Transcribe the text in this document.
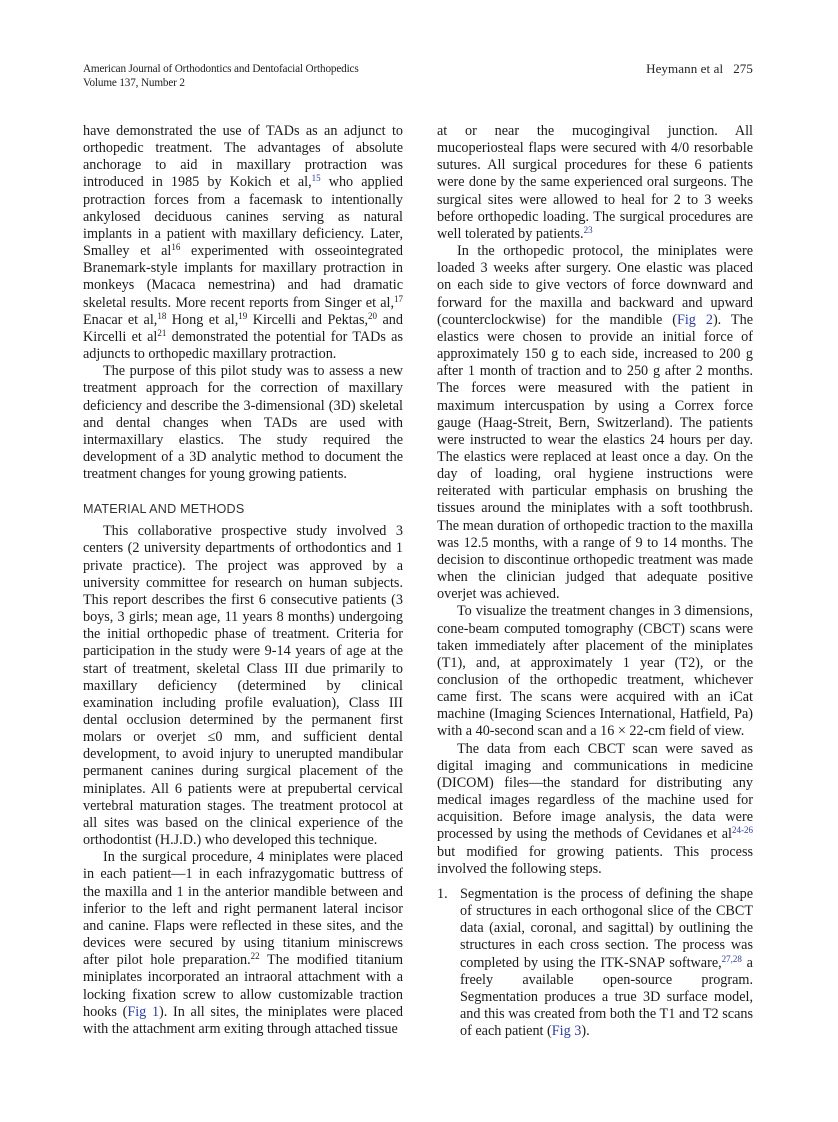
American Journal of Orthodontics and Dentofacial Orthopedics
Volume 137, Number 2
Heymann et al 275

have demonstrated the use of TADs as an adjunct to orthopedic treatment. The advantages of absolute anchorage to aid in maxillary protraction was introduced in 1985 by Kokich et al,$^{15}$ who applied protraction forces from a facemask to intentionally ankylosed deciduous canines serving as natural implants in a patient with maxillary deficiency. Later, Smalley et $al^{16}$ experimented with osseointegrated Branemark-style implants for maxillary protraction in monkeys (Macaca nemestrina) and had dramatic skeletal results. More recent reports from Singer et al,$^{17}$ Enacar et al,$^{18}$ Hong et al,$^{19}$ Kircelli and Pektas,$^{20}$ and Kircelli et $al^{21}$ demonstrated the potential for TADs as adjuncts to orthopedic maxillary protraction.

The purpose of this pilot study was to assess a new treatment approach for the correction of maxillary deficiency and describe the 3-dimensional (3D) skeletal and dental changes when TADs are used with intermaxillary elastics. The study required the development of a 3D analytic method to document the treatment changes for young growing patients.

MATERIAL AND METHODS

This collaborative prospective study involved 3 centers (2 university departments of orthodontics and 1 private practice). The project was approved by a university committee for research on human subjects. This report describes the first 6 consecutive patients (3 boys, 3 girls; mean age, 11 years 8 months) undergoing the initial orthopedic phase of treatment. Criteria for participation in the study were 9-14 years of age at the start of treatment, skeletal Class III due primarily to maxillary deficiency (determined by clinical examination including profile evaluation), Class III dental occlusion determined by the permanent first molars or overjet ≤0 mm, and sufficient dental development, to avoid injury to unerupted mandibular permanent canines during surgical placement of the miniplates. All 6 patients were at prepubertal cervical vertebral maturation stages. The treatment protocol at all sites was based on the clinical experience of the orthodontist (H.J.D.) who developed this technique.

In the surgical procedure, 4 miniplates were placed in each patient—1 in each infrazygomatic buttress of the maxilla and 1 in the anterior mandible between and inferior to the left and right permanent lateral incisor and canine. Flaps were reflected in these sites, and the devices were secured by using titanium miniscrews after pilot hole preparation.$^{22}$ The modified titanium miniplates incorporated an intraoral attachment with a locking fixation screw to allow customizable traction hooks (Fig 1). In all sites, the miniplates were placed with the attachment arm exiting through attached tissue

at or near the mucogingival junction. All mucoperiosteal flaps were secured with 4/0 resorbable sutures. All surgical procedures for these 6 patients were done by the same experienced oral surgeons. The surgical sites were allowed to heal for 2 to 3 weeks before orthopedic loading. The surgical procedures are well tolerated by patients.$^{23}$

In the orthopedic protocol, the miniplates were loaded 3 weeks after surgery. One elastic was placed on each side to give vectors of force downward and forward for the maxilla and backward and upward (counterclockwise) for the mandible (Fig 2). The elastics were chosen to provide an initial force of approximately 150 g to each side, increased to 200 g after 1 month of traction and to 250 g after 2 months. The forces were measured with the patient in maximum intercuspation by using a Correx force gauge (Haag-Streit, Bern, Switzerland). The patients were instructed to wear the elastics 24 hours per day. The elastics were replaced at least once a day. On the day of loading, oral hygiene instructions were reiterated with particular emphasis on brushing the tissues around the miniplates with a soft toothbrush. The mean duration of orthopedic traction to the maxilla was 12.5 months, with a range of 9 to 14 months. The decision to discontinue orthopedic treatment was made when the clinician judged that adequate positive overjet was achieved.

To visualize the treatment changes in 3 dimensions, cone-beam computed tomography (CBCT) scans were taken immediately after placement of the miniplates (T1), and, at approximately 1 year (T2), or the conclusion of the orthopedic treatment, whichever came first. The scans were acquired with an iCat machine (Imaging Sciences International, Hatfield, Pa) with a 40-second scan and a 16 × 22-cm field of view.

The data from each CBCT scan were saved as digital imaging and communications in medicine (DICOM) files—the standard for distributing any medical images regardless of the machine used for acquisition. Before image analysis, the data were processed by using the methods of Cevidanes et al$^{24-26}$ but modified for growing patients. This process involved the following steps.

1. Segmentation is the process of defining the shape of structures in each orthogonal slice of the CBCT data (axial, coronal, and sagittal) by outlining the structures in each cross section. The process was completed by using the ITK-SNAP software,$^{27,28}$ a freely available open-source program. Segmentation produces a true 3D surface model, and this was created from both the T1 and T2 scans of each patient (Fig 3).
